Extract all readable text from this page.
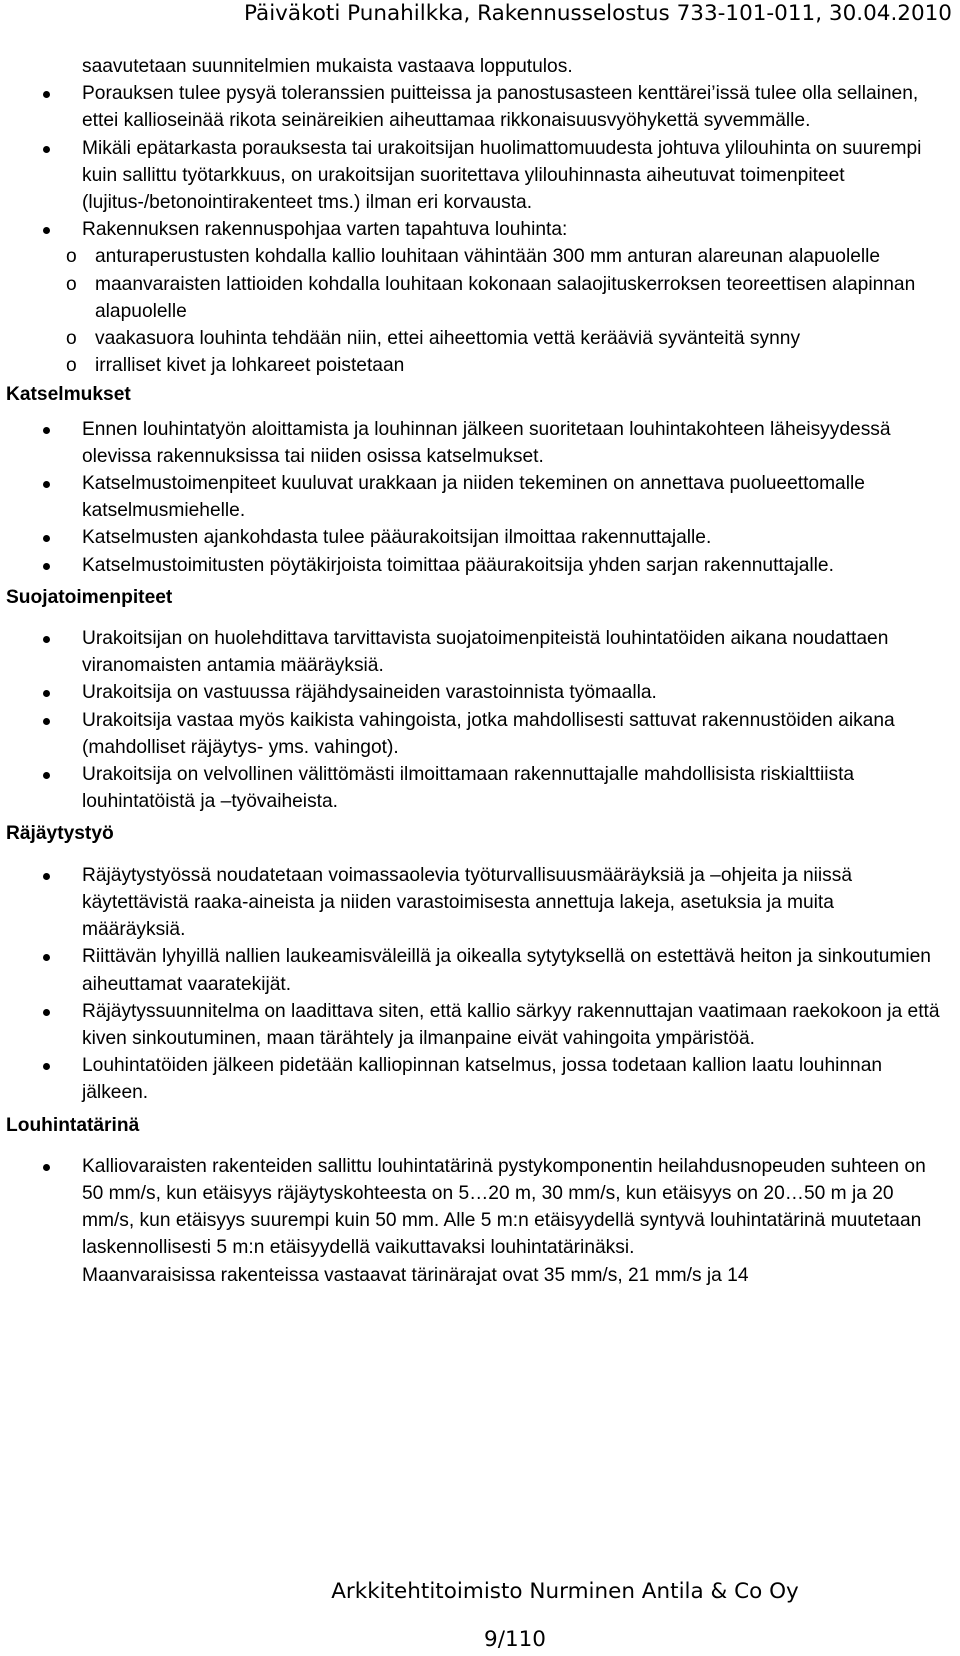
Päiväkoti Punahilkka, Rakennusselostus 733-101-011, 30.04.2010

saavutetaan suunnitelmien mukaista vastaava lopputulos.

Porauksen tulee pysyä toleranssien puitteissa ja panostusasteen kenttärei’issä tulee olla sellainen, ettei kallioseinää rikota seinäreikien aiheuttamaa rikkonaisuusvyöhykettä syvemmälle.
Mikäli epätarkasta porauksesta tai urakoitsijan huolimattomuudesta johtuva ylilouhinta on suurempi kuin sallittu työtarkkuus, on urakoitsijan suoritettava ylilouhinnasta aiheutuvat toimenpiteet (lujitus-/betonointirakenteet tms.) ilman eri korvausta.
Rakennuksen rakennuspohjaa varten tapahtuva louhinta:
o anturaperustusten kohdalla kallio louhitaan vähintään 300 mm anturan alareunan alapuolelle
o maanvaraisten lattioiden kohdalla louhitaan kokonaan salaojituskerroksen teoreettisen alapinnan alapuolelle
o vaakasuora louhinta tehdään niin, ettei aiheettomia vettä kerääviä syvänteitä synny
o irralliset kivet ja lohkareet poistetaan
Katselmukset
Ennen louhintatyön aloittamista ja louhinnan jälkeen suoritetaan louhintakohteen läheisyydessä olevissa rakennuksissa tai niiden osissa katselmukset.
Katselmustoimenpiteet kuuluvat urakkaan ja niiden tekeminen on annettava puolueettomalle katselmusmiehelle.
Katselmusten ajankohdasta tulee pääurakoitsijan ilmoittaa rakennuttajalle.
Katselmustoimitusten pöytäkirjoista toimittaa pääurakoitsija yhden sarjan rakennuttajalle.
Suojatoimenpiteet
Urakoitsijan on huolehdittava tarvittavista suojatoimenpiteistä louhintatöiden aikana noudattaen viranomaisten antamia määräyksiä.
Urakoitsija on vastuussa räjähdysaineiden varastoinnista työmaalla.
Urakoitsija vastaa myös kaikista vahingoista, jotka mahdollisesti sattuvat rakennustöiden aikana (mahdolliset räjäytys- yms. vahingot).
Urakoitsija on velvollinen välittömästi ilmoittamaan rakennuttajalle mahdollisista riskialttiista louhintatöistä ja –työvaiheista.
Räjäytystyö
Räjäytystyössä noudatetaan voimassaolevia työturvallisuusmääräyksiä ja –ohjeita ja niissä käytettävistä raaka-aineista ja niiden varastoimisesta annettuja lakeja, asetuksia ja muita määräyksiä.
Riittävän lyhyillä nallien laukeamisväleillä ja oikealla sytytyksellä on estettävä heiton ja sinkoutumien aiheuttamat vaaratekijät.
Räjäytyssuunnitelma on laadittava siten, että kallio särkyy rakennuttajan vaatimaan raekokoon ja että kiven sinkoutuminen, maan tärähtely ja ilmanpaine eivät vahingoita ympäristöä.
Louhintatöiden jälkeen pidetään kalliopinnan katselmus, jossa todetaan kallion laatu louhinnan jälkeen.
Louhintatärinä
Kalliovaraisten rakenteiden sallittu louhintatärinä pystykomponentin heilahdusnopeuden suhteen on 50 mm/s, kun etäisyys räjäytyskohteesta on 5…20 m, 30 mm/s, kun etäisyys on 20…50 m ja 20 mm/s, kun etäisyys suurempi kuin 50 mm. Alle 5 m:n etäisyydellä syntyvä louhintatärinä muutetaan laskennollisesti 5 m:n etäisyydellä vaikuttavaksi louhintatärinäksi.

Maanvaraisissa rakenteissa vastaavat tärinärajat ovat 35 mm/s, 21 mm/s ja 14

Arkkitehtitoimisto Nurminen Antila & Co Oy
9/110
